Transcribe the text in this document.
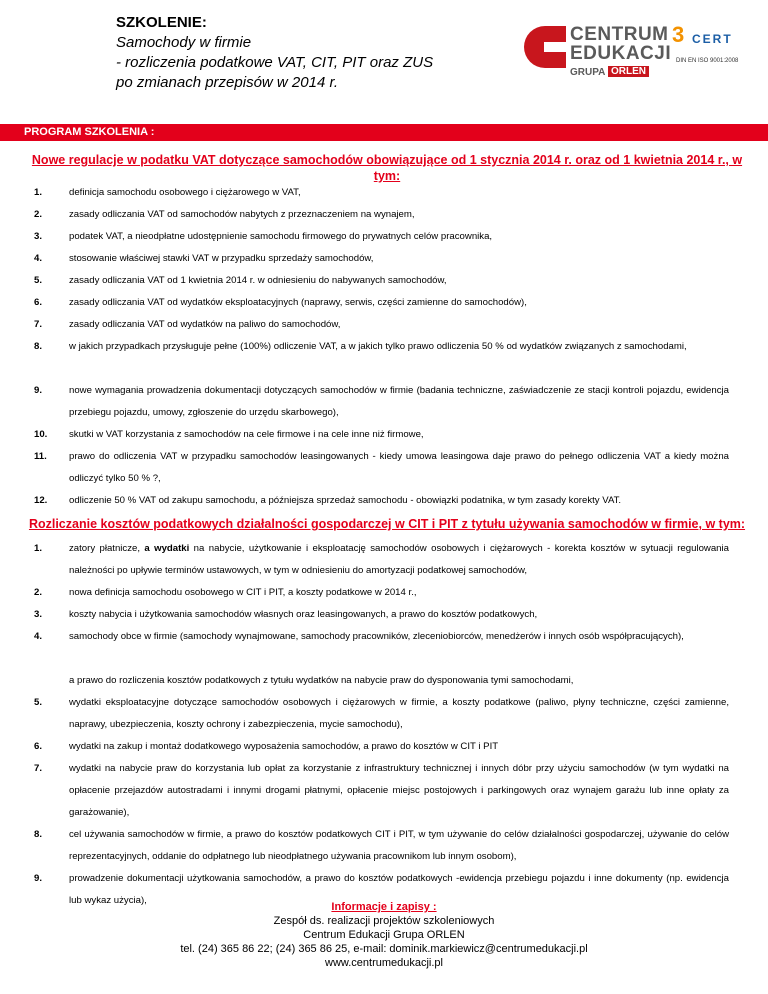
SZKOLENIE:
Samochody w firmie
- rozliczenia podatkowe VAT, CIT, PIT oraz ZUS
po zmianach przepisów w 2014 r.
CENTRUM
EDUKACJI
GRUPA ORLEN
3 CERT
DIN EN ISO 9001:2008
PROGRAM SZKOLENIA :
Nowe regulacje w podatku VAT dotyczące samochodów obowiązujące od 1 stycznia 2014 r. oraz od 1 kwietnia 2014 r., w tym:
1.	definicja samochodu osobowego i ciężarowego w VAT,
2.	zasady odliczania VAT od samochodów nabytych z przeznaczeniem na wynajem,
3.	podatek VAT, a nieodpłatne udostępnienie samochodu firmowego do prywatnych celów pracownika,
4.	stosowanie właściwej stawki VAT w przypadku sprzedaży samochodów,
5.	zasady odliczania VAT od 1 kwietnia 2014 r. w odniesieniu do nabywanych samochodów,
6.	zasady odliczania VAT od wydatków eksploatacyjnych (naprawy, serwis, części zamienne do samochodów),
7.	zasady odliczania VAT od wydatków na paliwo do samochodów,
8.	w jakich przypadkach przysługuje pełne (100%) odliczenie VAT, a w jakich tylko prawo odliczenia 50 % od wydatków związanych z samochodami,
9.	nowe wymagania prowadzenia dokumentacji dotyczących samochodów w firmie (badania techniczne, zaświadczenie ze stacji kontroli pojazdu, ewidencja przebiegu pojazdu, umowy, zgłoszenie do urzędu skarbowego),
10. skutki w VAT korzystania z samochodów na cele firmowe i na cele inne niż firmowe,
11. prawo do odliczenia VAT w przypadku samochodów leasingowanych - kiedy umowa leasingowa daje prawo do pełnego odliczenia VAT a kiedy można odliczyć tylko 50 % ?,
12. odliczenie 50 % VAT od zakupu samochodu, a późniejsza sprzedaż samochodu - obowiązki podatnika, w tym zasady korekty VAT.
Rozliczanie kosztów podatkowych działalności gospodarczej w CIT i PIT z tytułu używania samochodów w firmie, w tym:
1.	zatory płatnicze, a wydatki na nabycie, użytkowanie i eksploatację samochodów osobowych i ciężarowych - korekta kosztów w sytuacji regulowania należności po upływie terminów ustawowych, w tym w odniesieniu do amortyzacji podatkowej samochodów,
2.	nowa definicja samochodu osobowego w CIT i PIT, a koszty podatkowe w 2014 r.,
3.	koszty nabycia i użytkowania samochodów własnych oraz leasingowanych, a prawo do kosztów podatkowych,
4.	samochody obce w firmie (samochody wynajmowane, samochody pracowników, zleceniobiorców, menedżerów i innych osób współpracujących),
a prawo do rozliczenia kosztów podatkowych z tytułu wydatków na nabycie praw do dysponowania tymi samochodami,
5.	wydatki eksploatacyjne dotyczące samochodów osobowych i ciężarowych w firmie, a koszty podatkowe (paliwo, płyny techniczne, części zamienne, naprawy, ubezpieczenia, koszty ochrony i zabezpieczenia, mycie samochodu),
6.	wydatki na zakup i montaż dodatkowego wyposażenia samochodów, a prawo do kosztów w CIT i PIT
7.	wydatki na nabycie praw do korzystania lub opłat za korzystanie z infrastruktury technicznej i innych dóbr przy użyciu samochodów (w tym wydatki na opłacenie przejazdów autostradami i innymi drogami płatnymi, opłacenie miejsc postojowych i parkingowych oraz wynajem garażu lub inne opłaty za garażowanie),
8.	cel używania samochodów w firmie, a prawo do kosztów podatkowych CIT i PIT, w tym używanie do celów działalności gospodarczej, używanie do celów reprezentacyjnych, oddanie do odpłatnego lub nieodpłatnego używania pracownikom lub innym osobom),
9.	prowadzenie dokumentacji użytkowania samochodów, a prawo do kosztów podatkowych -ewidencja przebiegu pojazdu i inne dokumenty (np. ewidencja lub wykaz użycia),
Informacje i zapisy :
Zespół ds. realizacji projektów szkoleniowych
Centrum Edukacji Grupa ORLEN
tel. (24) 365 86 22; (24) 365 86 25, e-mail: dominik.markiewicz@centrumedukacji.pl
www.centrumedukacji.pl
